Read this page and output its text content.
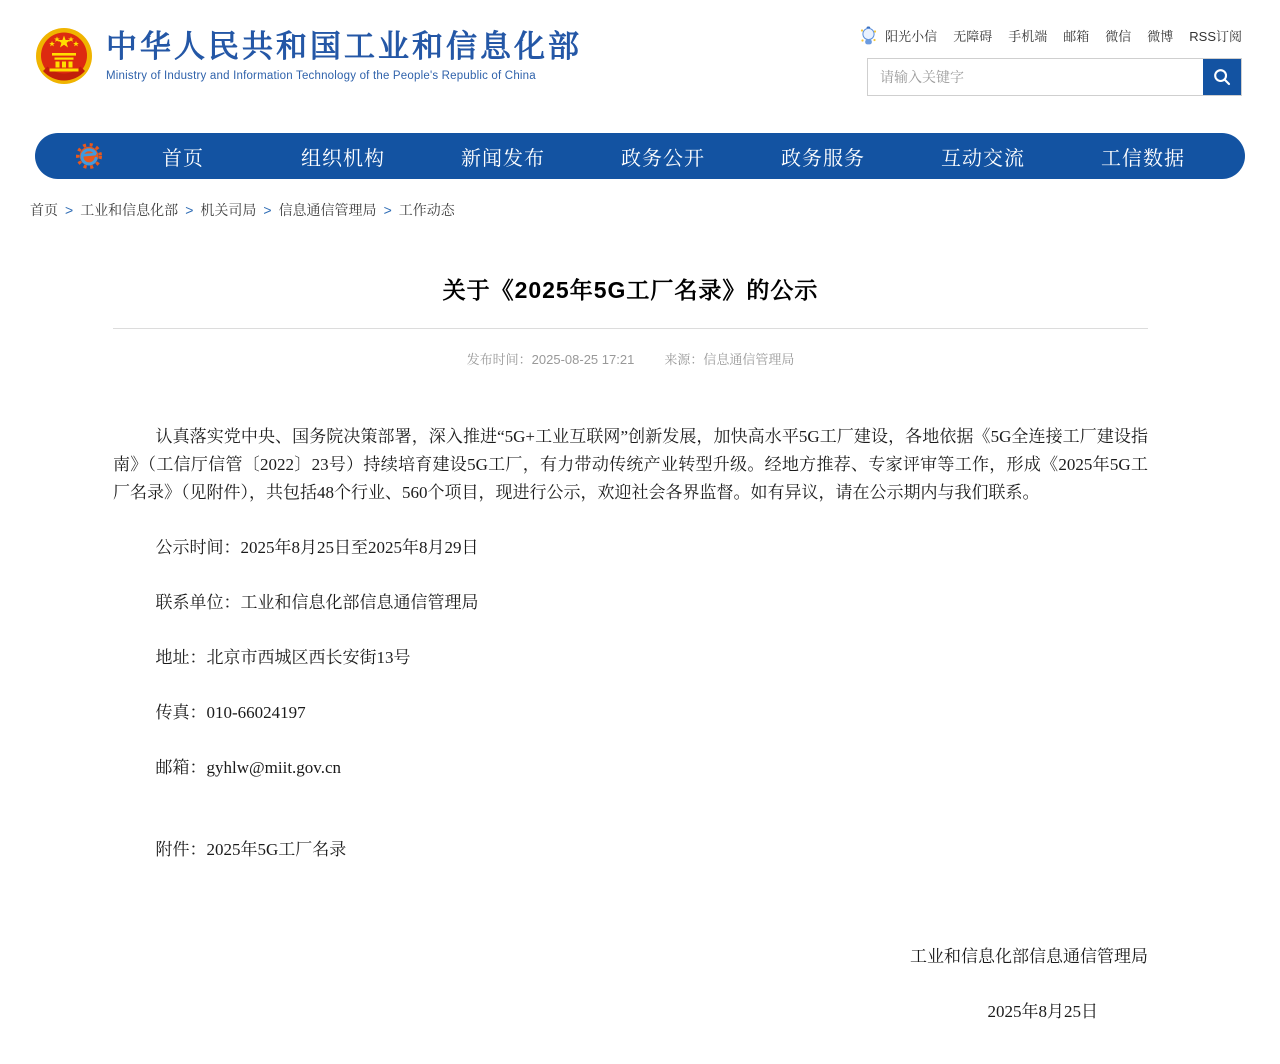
中华人民共和国工业和信息化部
Ministry of Industry and Information Technology of the People's Republic of China
阳光小信 无障碍 手机端 邮箱 微信 微博 RSS订阅
请输入关键字
首页	组织机构	新闻发布	政务公开	政务服务	互动交流	工信数据
首页 > 工业和信息化部 > 机关司局 > 信息通信管理局 > 工作动态
关于《2025年5G工厂名录》的公示
发布时间：2025-08-25 17:21 来源：信息通信管理局

认真落实党中央、国务院决策部署，深入推进“5G+工业互联网”创新发展，加快高水平5G工厂建设，各地依据《5G全连接工厂建设指南》（工信厅信管〔2022〕23号）持续培育建设5G工厂，有力带动传统产业转型升级。经地方推荐、专家评审等工作，形成《2025年5G工厂名录》（见附件），共包括48个行业、560个项目，现进行公示，欢迎社会各界监督。如有异议，请在公示期内与我们联系。

公示时间：2025年8月25日至2025年8月29日

联系单位：工业和信息化部信息通信管理局

地址：北京市西城区西长安街13号

传真：010-66024197

邮箱：gyhlw@miit.gov.cn

附件：2025年5G工厂名录

工业和信息化部信息通信管理局

2025年8月25日
